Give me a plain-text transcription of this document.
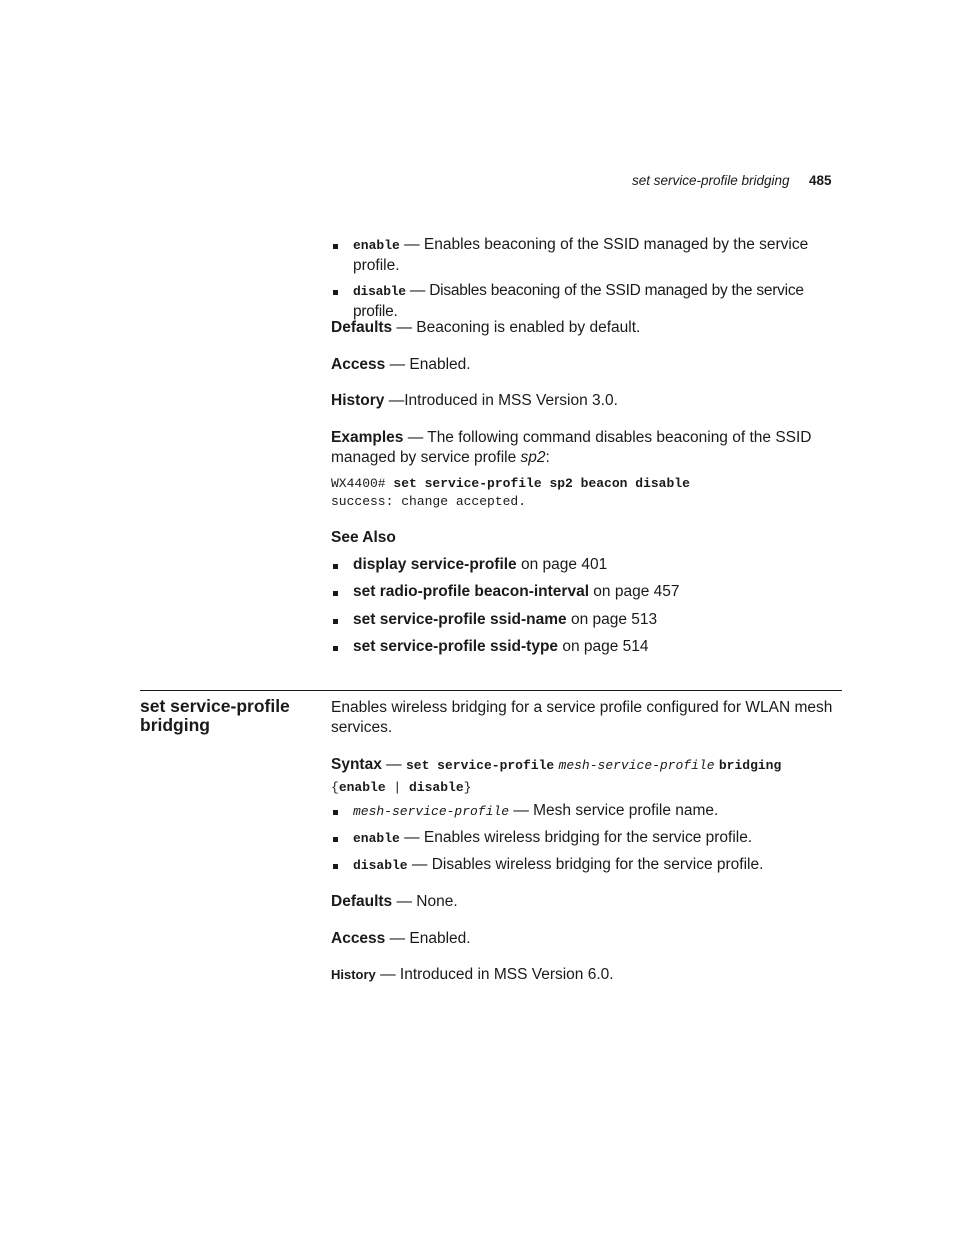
set service-profile bridging 485
enable — Enables beaconing of the SSID managed by the service profile.
disable — Disables beaconing of the SSID managed by the service profile.
Defaults — Beaconing is enabled by default.
Access — Enabled.
History —Introduced in MSS Version 3.0.
Examples — The following command disables beaconing of the SSID managed by service profile sp2:
WX4400# set service-profile sp2 beacon disable
success: change accepted.
See Also
display service-profile on page 401
set radio-profile beacon-interval on page 457
set service-profile ssid-name on page 513
set service-profile ssid-type on page 514
set service-profile bridging
Enables wireless bridging for a service profile configured for WLAN mesh services.
Syntax — set service-profile mesh-service-profile bridging
{enable | disable}
mesh-service-profile — Mesh service profile name.
enable — Enables wireless bridging for the service profile.
disable — Disables wireless bridging for the service profile.
Defaults — None.
Access — Enabled.
History — Introduced in MSS Version 6.0.
